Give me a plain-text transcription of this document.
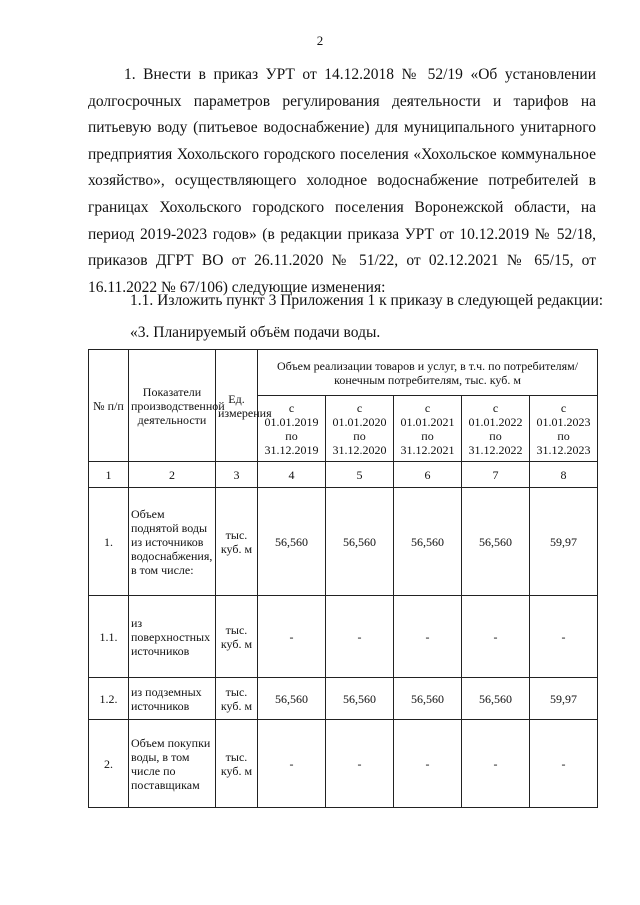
2

1. Внести в приказ УРТ от 14.12.2018 № 52/19 «Об установлении долгосрочных параметров регулирования деятельности и тарифов на питьевую воду (питьевое водоснабжение) для муниципального унитарного предприятия Хохольского городского поселения «Хохольское коммунальное хозяйство», осуществляющего холодное водоснабжение потребителей в границах Хохольского городского поселения Воронежской области, на период 2019-2023 годов» (в редакции приказа УРТ от 10.12.2019 № 52/18, приказов ДГРТ ВО от 26.11.2020 № 51/22, от 02.12.2021 № 65/15, от 16.11.2022 № 67/106) следующие изменения:

1.1. Изложить пункт 3 Приложения 1 к приказу в следующей редакции:
«3. Планируемый объём подачи воды.
№ п/п	Показатели производственной деятельности	Ед. измерения	Объем реализации товаров и услуг, в т.ч. по потребителям/ конечным потребителям, тыс. куб. м				

			с
01.01.2019
по
31.12.2019	с
01.01.2020
по
31.12.2020	с
01.01.2021
по
31.12.2021	с
01.01.2022
по
31.12.2022	с
01.01.2023
по
31.12.2023

1	2	3	4	5	6	7	8
1.	Объем поднятой воды из источников водоснабжения, в том числе:	тыс. куб. м	56,560	56,560	56,560	56,560	59,97
1.1.	из поверхностных источников	тыс. куб. м	-	-	-	-	-
1.2.	из подземных источников	тыс. куб. м	56,560	56,560	56,560	56,560	59,97
2.	Объем покупки воды, в том числе по поставщикам	тыс. куб. м	-	-	-	-	-
